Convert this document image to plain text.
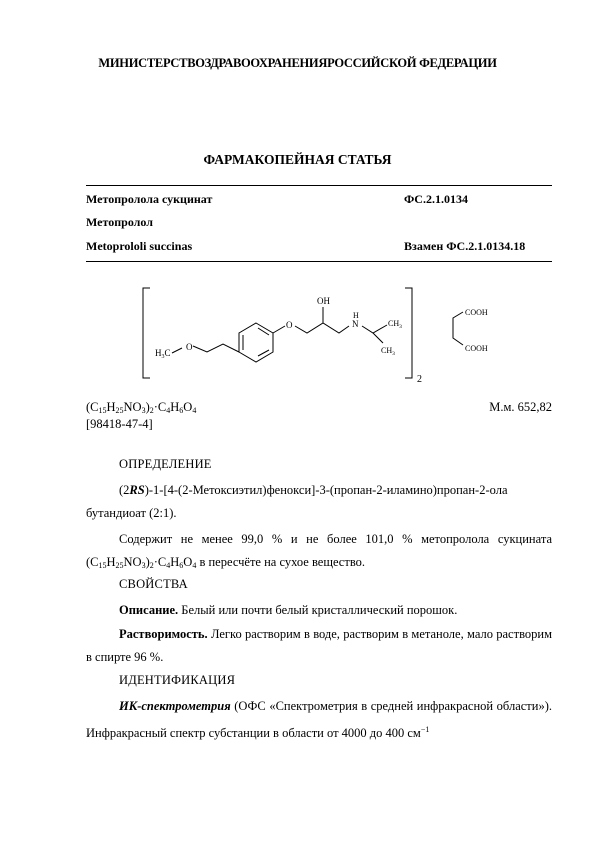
МИНИСТЕРСТВОЗДРАВООХРАНЕНИЯРОССИЙСКОЙ ФЕДЕРАЦИИ
ФАРМАКОПЕЙНАЯ СТАТЬЯ
Метопролола сукцинат	ФС.2.1.0134
Метопролол
Metoprololi succinas	Взамен ФС.2.1.0134.18
2
O
$H_3C$
O
OH
H
N	$CH_3$
$CH_3$
COOH
COOH
$(C_{15}H_{25}NO_3)_2\cdot C_4H_6O_4$	М.м. 652,82
[98418-47-4]
ОПРЕДЕЛЕНИЕ
(2RS)-1-[4-(2-Метоксиэтил)фенокси]-3-(пропан-2-иламино)пропан-2-ола бутандиоат (2:1).
Содержит не менее 99,0 % и не более 101,0 % метопролола сукцината $(C_{15}H_{25}NO_3)_2\cdot C_4H_6O_4$ в пересчёте на сухое вещество.
СВОЙСТВА
Описание. Белый или почти белый кристаллический порошок.
Растворимость. Легко растворим в воде, растворим в метаноле, мало растворим в спирте 96 %.
ИДЕНТИФИКАЦИЯ
ИК-спектрометрия (ОФС «Спектрометрия в средней инфракрасной области»). Инфракрасный спектр субстанции в области от 4000 до 400 $см^{-1}$
